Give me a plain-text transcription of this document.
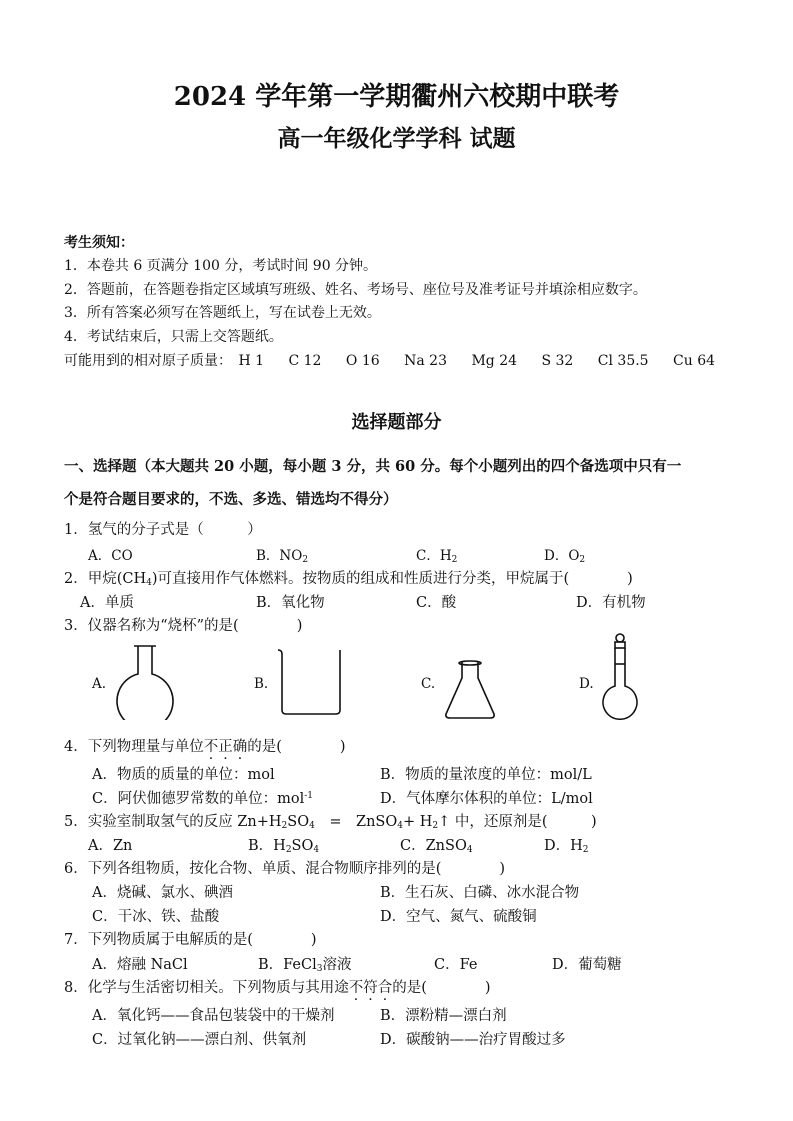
2024 学年第一学期衢州六校期中联考
高一年级化学学科 试题
考生须知：
1．本卷共 6 页满分 100 分，考试时间 90 分钟。
2．答题前，在答题卷指定区域填写班级、姓名、考场号、座位号及准考证号并填涂相应数字。
3．所有答案必须写在答题纸上，写在试卷上无效。
4．考试结束后，只需上交答题纸。
可能用到的相对原子质量： H 1 C 12 O 16 Na 23 Mg 24 S 32 Cl 35.5 Cu 64
选择题部分
一、选择题（本大题共 20 小题，每小题 3 分，共 60 分。每个小题列出的四个备选项中只有一
个是符合题目要求的，不选、多选、错选均不得分）
1．氢气的分子式是（　　　）
A．CO	B．$NO_2$	C．$H_2$	D．$O_2$
2．甲烷$(CH_4)$可直接用作气体燃料。按物质的组成和性质进行分类，甲烷属于(　　　　)
A．单质	B．氧化物	C．酸	D．有机物
3．仪器名称为“烧杯”的是(　　　　)
A.	B.	C.	D.
4．下列物理量与单位不正确的是(　　　　)
A．物质的质量的单位：mol	B．物质的量浓度的单位：mol/L
C．阿伏伽德罗常数的单位：mol$^{-1}$	D．气体摩尔体积的单位：L/mol
5．实验室制取氢气的反应 $Zn+H_2SO_4$　=　ZnSO$_4$+ $H_2↑$ 中，还原剂是(　　　)
A．Zn	B．$H_2SO_4$	C．ZnSO$_4$	D．$H_2$
6．下列各组物质，按化合物、单质、混合物顺序排列的是(　　　　)
A．烧碱、氯水、碘酒	B．生石灰、白磷、冰水混合物
C．干冰、铁、盐酸	D．空气、氮气、硫酸铜
7．下列物质属于电解质的是(　　　　)
A．熔融 NaCl	B．FeCl$_3$溶液	C．Fe	D．葡萄糖
8．化学与生活密切相关。下列物质与其用途不符合的是(　　　　)
A．氧化钙——食品包装袋中的干燥剂	B．漂粉精—漂白剂
C．过氧化钠——漂白剂、供氧剂	D．碳酸钠——治疗胃酸过多
